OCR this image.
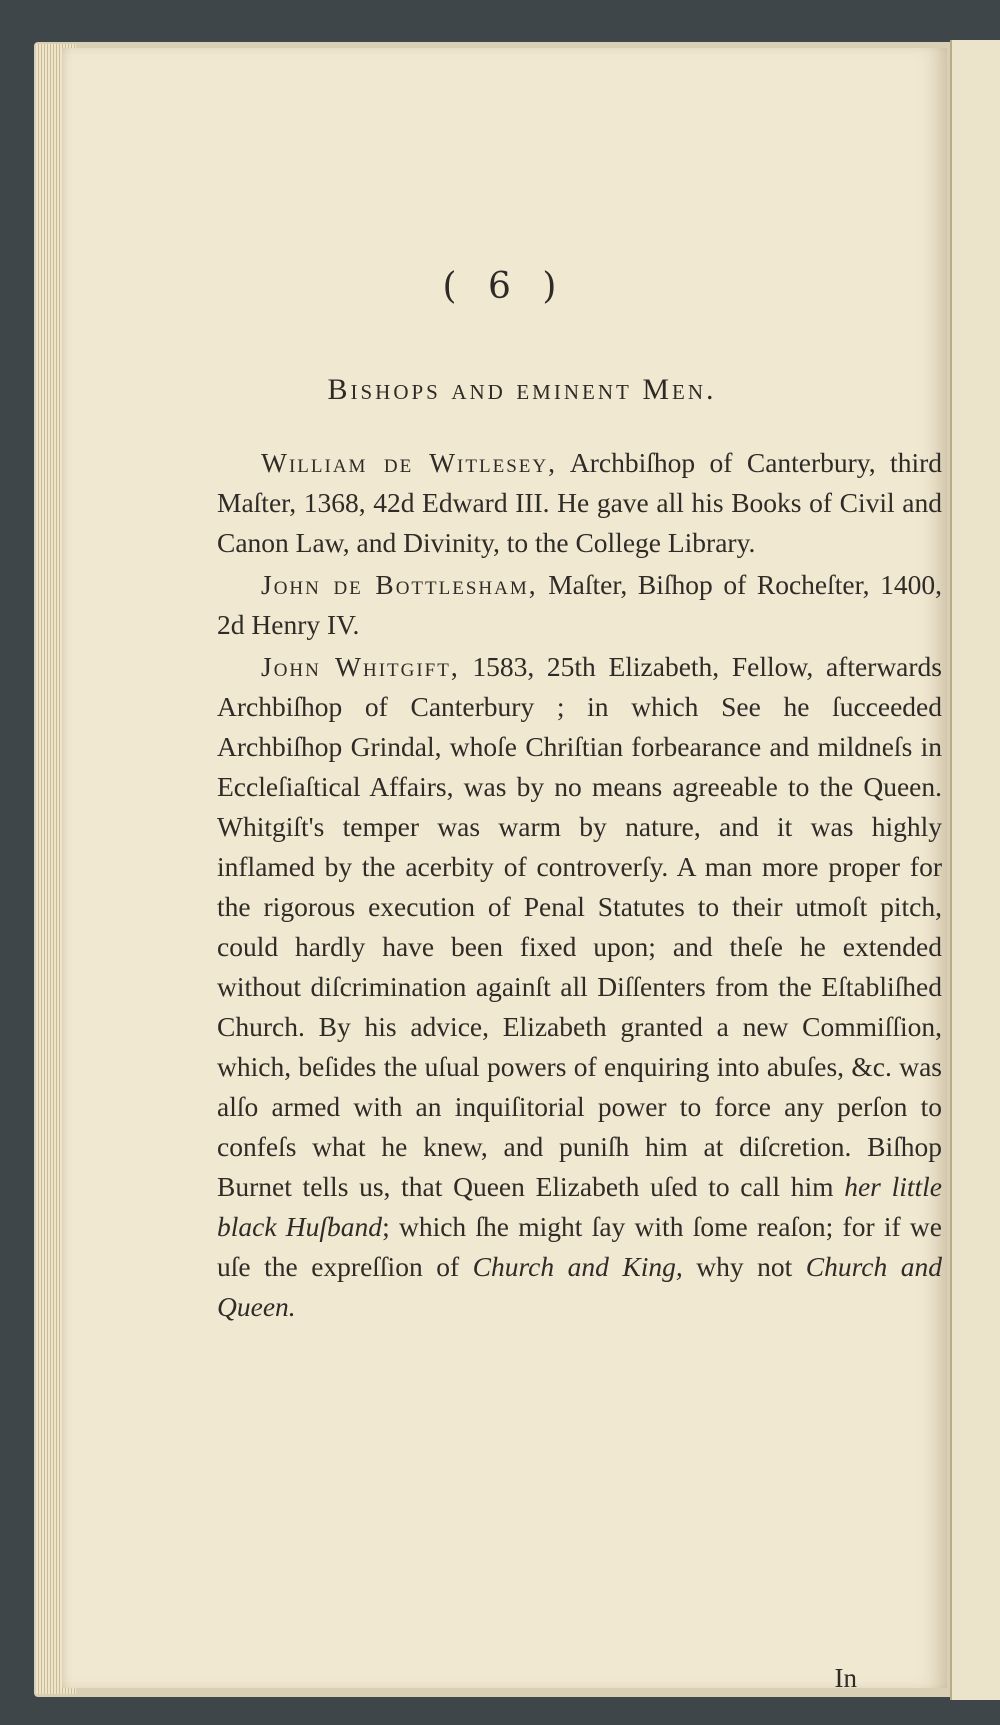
( 6 )
Bishops and eminent Men.

William de Witlesey, Archbiſhop of Canterbury, third Maſter, 1368, 42d Edward III. He gave all his Books of Civil and Canon Law, and Divinity, to the College Library.

John de Bottlesham, Maſter, Biſhop of Rocheſter, 1400, 2d Henry IV.

John Whitgift, 1583, 25th Elizabeth, Fellow, afterwards Archbiſhop of Canterbury ; in which See he ſucceeded Archbiſhop Grindal, whoſe Chriſtian forbearance and mildneſs in Eccleſiaſtical Affairs, was by no means agreeable to the Queen. Whitgiſt's temper was warm by nature, and it was highly inflamed by the acerbity of controverſy. A man more proper for the rigorous execution of Penal Statutes to their utmoſt pitch, could hardly have been fixed upon; and theſe he extended without diſcrimination againſt all Diſſenters from the Eſtabliſhed Church. By his advice, Elizabeth granted a new Commiſſion, which, beſides the uſual powers of enquiring into abuſes, &c. was alſo armed with an inquiſitorial power to force any perſon to confeſs what he knew, and puniſh him at diſcretion. Biſhop Burnet tells us, that Queen Elizabeth uſed to call him her little black Huſband; which ſhe might ſay with ſome reaſon; for if we uſe the expreſſion of Church and King, why not Church and Queen.

In
